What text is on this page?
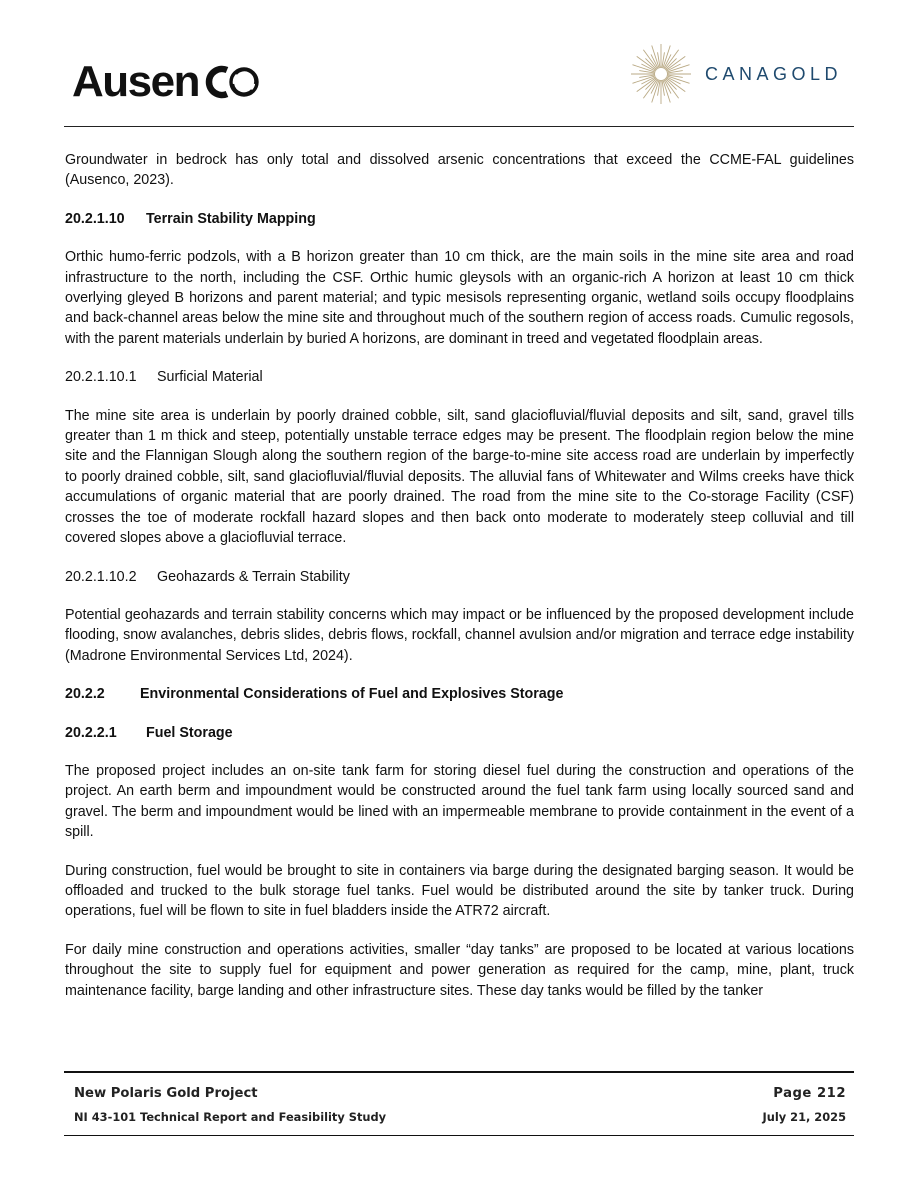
Ausen	CANAGOLD

Groundwater in bedrock has only total and dissolved arsenic concentrations that exceed the CCME-FAL guidelines (Ausenco, 2023).

20.2.1.10 Terrain Stability Mapping

Orthic humo-ferric podzols, with a B horizon greater than 10 cm thick, are the main soils in the mine site area and road infrastructure to the north, including the CSF. Orthic humic gleysols with an organic-rich A horizon at least 10 cm thick overlying gleyed B horizons and parent material; and typic mesisols representing organic, wetland soils occupy floodplains and back-channel areas below the mine site and throughout much of the southern region of access roads. Cumulic regosols, with the parent materials underlain by buried A horizons, are dominant in treed and vegetated floodplain areas.

20.2.1.10.1 Surficial Material

The mine site area is underlain by poorly drained cobble, silt, sand glaciofluvial/fluvial deposits and silt, sand, gravel tills greater than 1 m thick and steep, potentially unstable terrace edges may be present. The floodplain region below the mine site and the Flannigan Slough along the southern region of the barge-to-mine site access road are underlain by imperfectly to poorly drained cobble, silt, sand glaciofluvial/fluvial deposits. The alluvial fans of Whitewater and Wilms creeks have thick accumulations of organic material that are poorly drained. The road from the mine site to the Co-storage Facility (CSF) crosses the toe of moderate rockfall hazard slopes and then back onto moderate to moderately steep colluvial and till covered slopes above a glaciofluvial terrace.

20.2.1.10.2 Geohazards & Terrain Stability

Potential geohazards and terrain stability concerns which may impact or be influenced by the proposed development include flooding, snow avalanches, debris slides, debris flows, rockfall, channel avulsion and/or migration and terrace edge instability (Madrone Environmental Services Ltd, 2024).

20.2.2 Environmental Considerations of Fuel and Explosives Storage
20.2.2.1 Fuel Storage

The proposed project includes an on-site tank farm for storing diesel fuel during the construction and operations of the project. An earth berm and impoundment would be constructed around the fuel tank farm using locally sourced sand and gravel. The berm and impoundment would be lined with an impermeable membrane to provide containment in the event of a spill.

During construction, fuel would be brought to site in containers via barge during the designated barging season. It would be offloaded and trucked to the bulk storage fuel tanks. Fuel would be distributed around the site by tanker truck. During operations, fuel will be flown to site in fuel bladders inside the ATR72 aircraft.

For daily mine construction and operations activities, smaller “day tanks” are proposed to be located at various locations throughout the site to supply fuel for equipment and power generation as required for the camp, mine, plant, truck maintenance facility, barge landing and other infrastructure sites. These day tanks would be filled by the tanker

New Polaris Gold Project
NI 43-101 Technical Report and Feasibility Study
Page 212
July 21, 2025
